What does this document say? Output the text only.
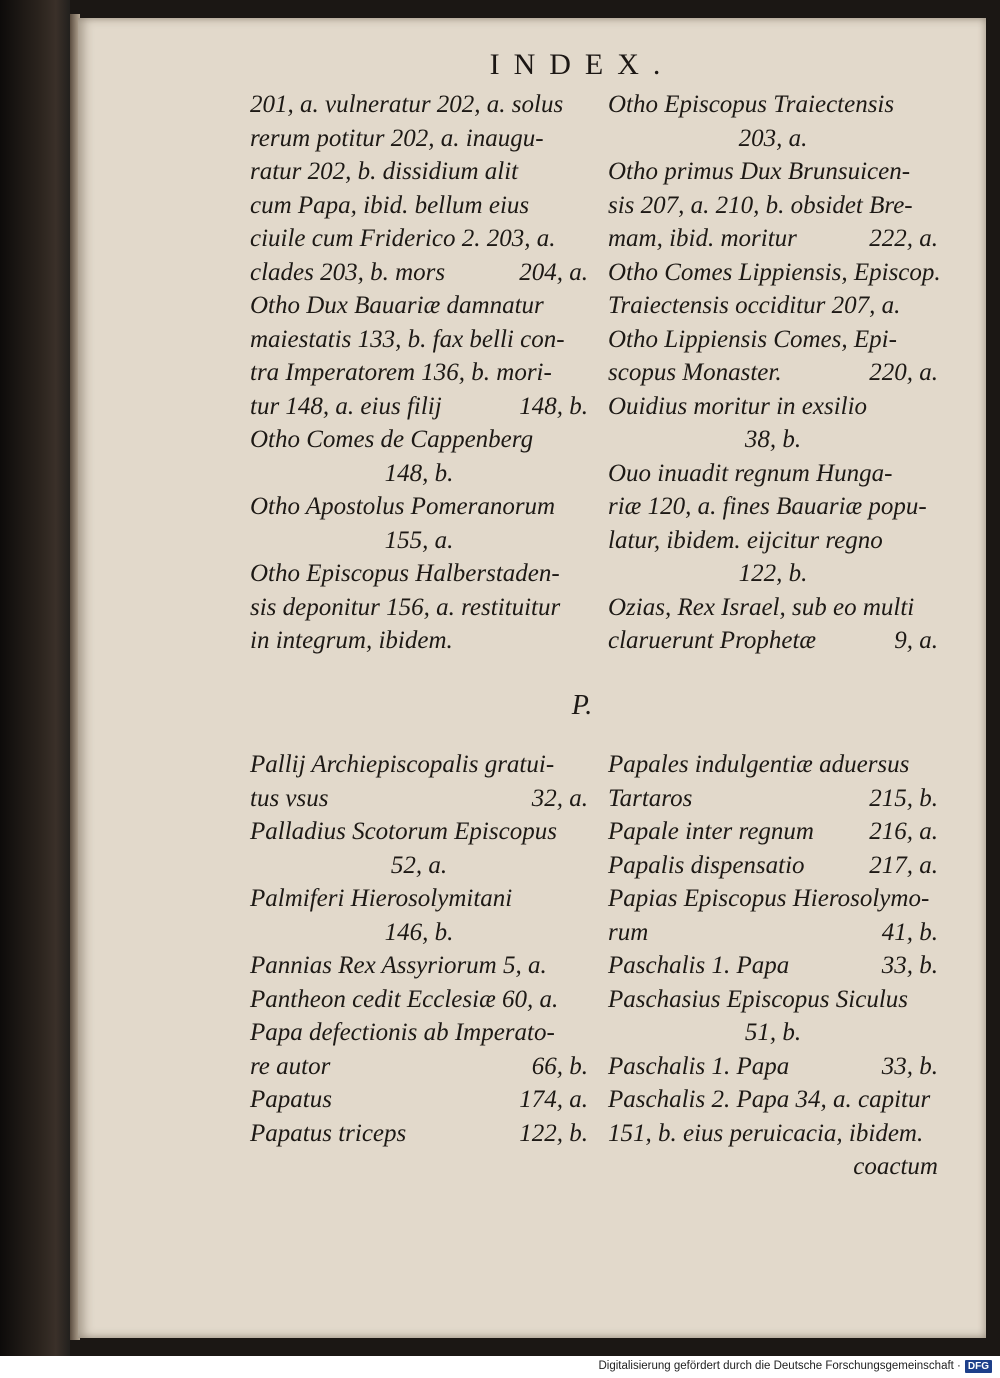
INDEX.
201, a. vulneratur 202, a. solus
rerum potitur 202, a. inaugu-
ratur 202, b. dissidium alit
cum Papa, ibid. bellum eius
ciuile cum Friderico 2. 203, a.
clades 203, b. mors	204, a.
Otho Dux Bauariæ damnatur
maiestatis 133, b. fax belli con-
tra Imperatorem 136, b. mori-
tur 148, a. eius filij	148, b.
Otho Comes de Cappenberg
148, b.
Otho Apostolus Pomeranorum
155, a.
Otho Episcopus Halberstaden-
sis deponitur 156, a. restituitur
in integrum, ibidem.
Otho Episcopus Traiectensis
203, a.
Otho primus Dux Brunsuicen-
sis 207, a. 210, b. obsidet Bre-
mam, ibid. moritur	222, a.
Otho Comes Lippiensis, Episcop.
Traiectensis occiditur 207, a.
Otho Lippiensis Comes, Epi-
scopus Monaster.	220, a.
Ouidius moritur in exsilio
38, b.
Ouo inuadit regnum Hunga-
riæ 120, a. fines Bauariæ popu-
latur, ibidem. eijcitur regno
122, b.
Ozias, Rex Israel, sub eo multi
claruerunt Prophetæ	9, a.
P.
Pallij Archiepiscopalis gratui-
tus vsus	32, a.
Palladius Scotorum Episcopus
52, a.
Palmiferi Hierosolymitani
146, b.
Pannias Rex Assyriorum 5, a.
Pantheon cedit Ecclesiæ 60, a.
Papa defectionis ab Imperato-
re autor	66, b.
Papatus	174, a.
Papatus triceps	122, b.
Papales indulgentiæ aduersus
Tartaros	215, b.
Papale inter regnum 216, a.
Papalis dispensatio	217, a.
Papias Episcopus Hierosolymo-
rum	41, b.
Paschalis 1. Papa	33, b.
Paschasius Episcopus Siculus
51, b.
Paschalis 1. Papa	33, b.
Paschalis 2. Papa 34, a. capitur
151, b. eius peruicacia, ibidem.
coactum
Digitalisierung gefördert durch die Deutsche Forschungsgemeinschaft · DFG
